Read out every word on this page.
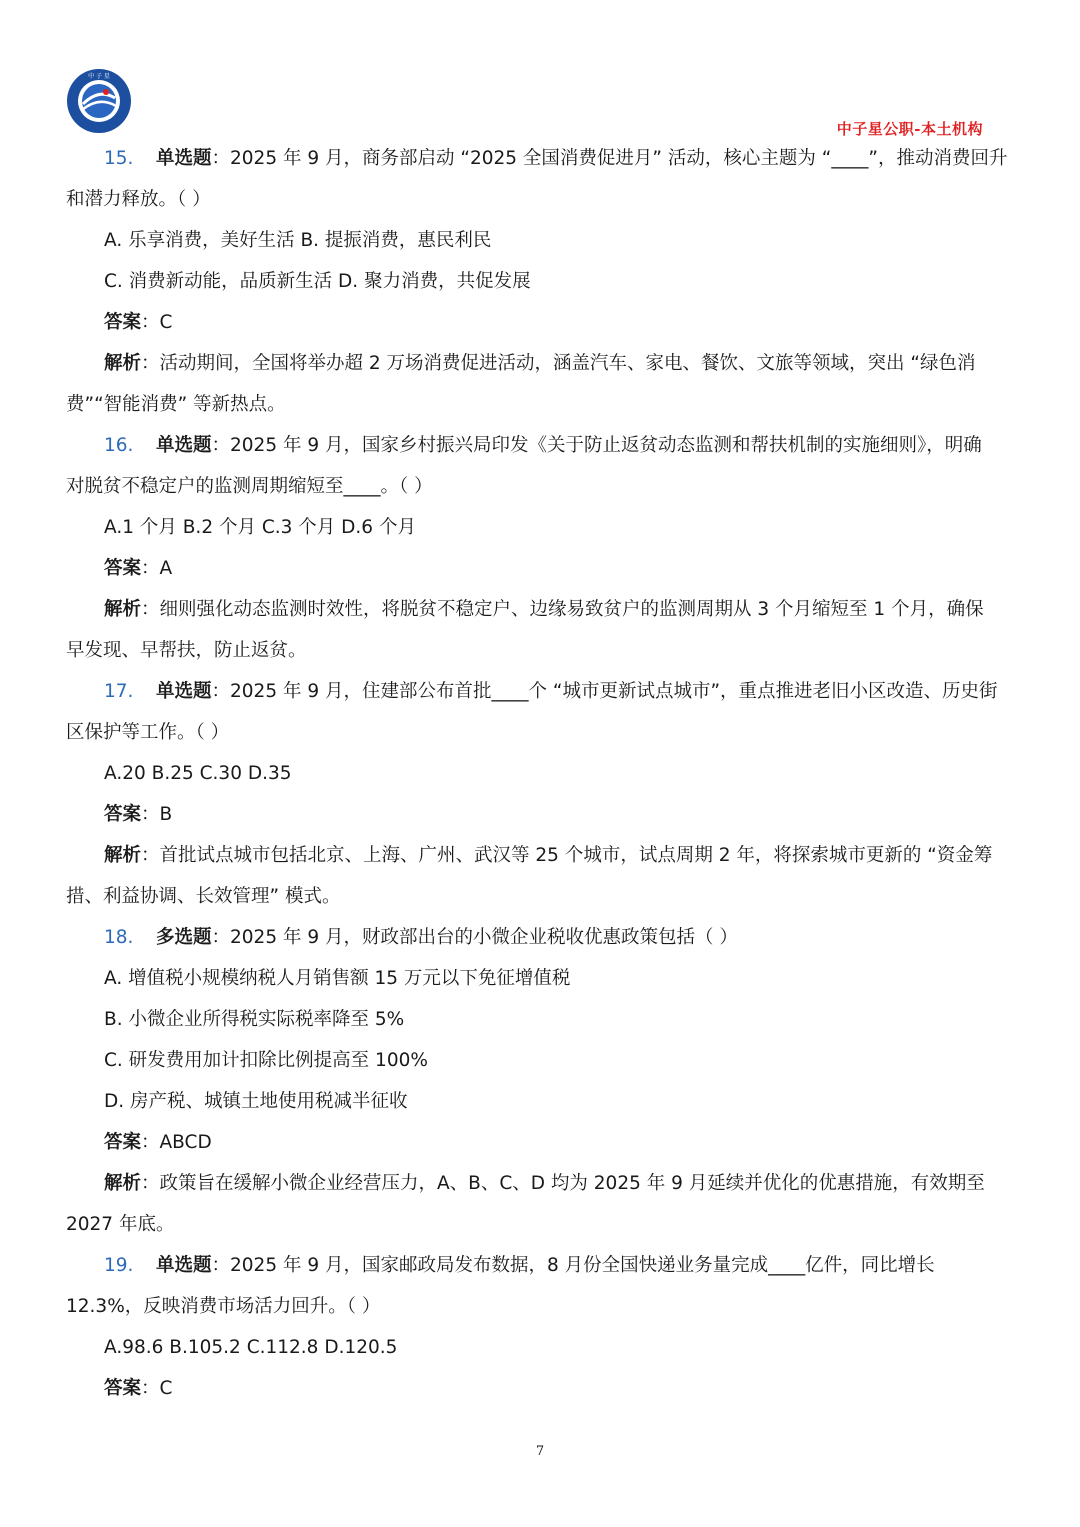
中 子 星
中子星公职-本土机构
15. 单选题：2025 年 9 月，商务部启动 “2025 全国消费促进月” 活动，核心主题为 “____”，推动消费回升
和潜力释放。（ ）
A. 乐享消费，美好生活 B. 提振消费，惠民利民
C. 消费新动能，品质新生活 D. 聚力消费，共促发展
答案：C
解析：活动期间，全国将举办超 2 万场消费促进活动，涵盖汽车、家电、餐饮、文旅等领域，突出 “绿色消
费”“智能消费” 等新热点。
16. 单选题：2025 年 9 月，国家乡村振兴局印发《关于防止返贫动态监测和帮扶机制的实施细则》，明确
对脱贫不稳定户的监测周期缩短至____。（ ）
A.1 个月 B.2 个月 C.3 个月 D.6 个月
答案：A
解析：细则强化动态监测时效性，将脱贫不稳定户、边缘易致贫户的监测周期从 3 个月缩短至 1 个月，确保
早发现、早帮扶，防止返贫。
17. 单选题：2025 年 9 月，住建部公布首批____个 “城市更新试点城市”，重点推进老旧小区改造、历史街
区保护等工作。（ ）
A.20 B.25 C.30 D.35
答案：B
解析：首批试点城市包括北京、上海、广州、武汉等 25 个城市，试点周期 2 年，将探索城市更新的 “资金筹
措、利益协调、长效管理” 模式。
18. 多选题：2025 年 9 月，财政部出台的小微企业税收优惠政策包括（ ）
A. 增值税小规模纳税人月销售额 15 万元以下免征增值税
B. 小微企业所得税实际税率降至 5%
C. 研发费用加计扣除比例提高至 100%
D. 房产税、城镇土地使用税减半征收
答案：ABCD
解析：政策旨在缓解小微企业经营压力，A、B、C、D 均为 2025 年 9 月延续并优化的优惠措施，有效期至
2027 年底。
19. 单选题：2025 年 9 月，国家邮政局发布数据，8 月份全国快递业务量完成____亿件，同比增长
12.3%，反映消费市场活力回升。（ ）
A.98.6 B.105.2 C.112.8 D.120.5
答案：C
7
